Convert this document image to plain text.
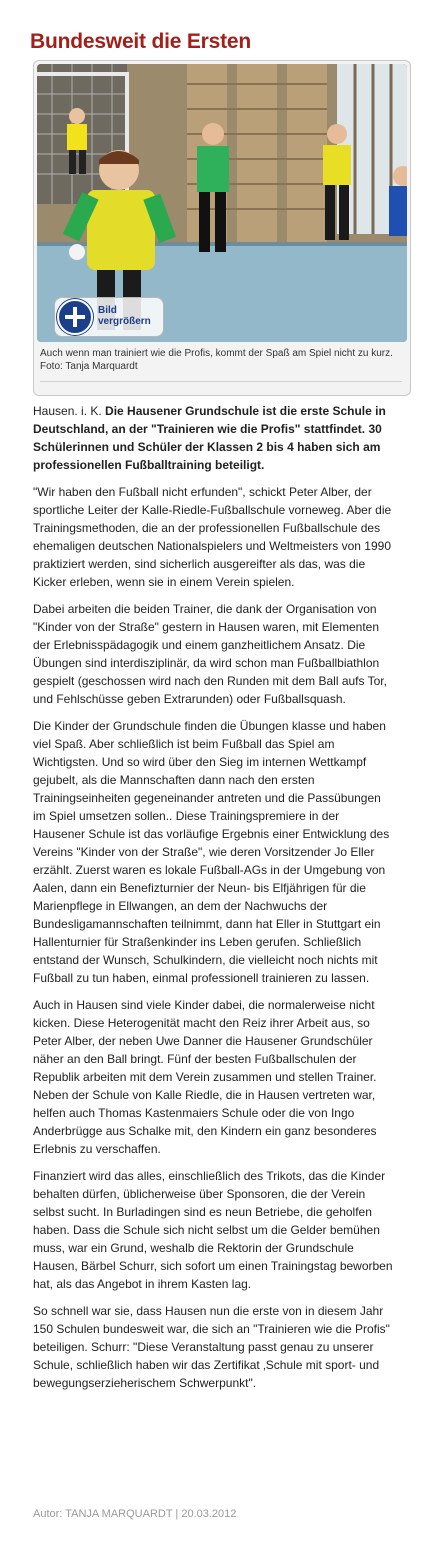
Bundesweit die Ersten
Bild
vergrößern
Auch wenn man trainiert wie die Profis, kommt der Spaß am Spiel nicht zu kurz. Foto: Tanja Marquardt

Hausen. i. K. Die Hausener Grundschule ist die erste Schule in Deutschland, an der "Trainieren wie die Profis" stattfindet. 30 Schülerinnen und Schüler der Klassen 2 bis 4 haben sich am professionellen Fußballtraining beteiligt.

"Wir haben den Fußball nicht erfunden", schickt Peter Alber, der sportliche Leiter der Kalle-Riedle-Fußballschule vorneweg. Aber die Trainingsmethoden, die an der professionellen Fußballschule des ehemaligen deutschen Nationalspielers und Weltmeisters von 1990 praktiziert werden, sind sicherlich ausgereifter als das, was die Kicker erleben, wenn sie in einem Verein spielen.

Dabei arbeiten die beiden Trainer, die dank der Organisation von "Kinder von der Straße" gestern in Hausen waren, mit Elementen der Erlebnisspädagogik und einem ganzheitlichem Ansatz. Die Übungen sind interdisziplinär, da wird schon man Fußballbiathlon gespielt (geschossen wird nach den Runden mit dem Ball aufs Tor, und Fehlschüsse geben Extrarunden) oder Fußballsquash.

Die Kinder der Grundschule finden die Übungen klasse und haben viel Spaß. Aber schließlich ist beim Fußball das Spiel am Wichtigsten. Und so wird über den Sieg im internen Wettkampf gejubelt, als die Mannschaften dann nach den ersten Trainingseinheiten gegeneinander antreten und die Passübungen im Spiel umsetzen sollen.. Diese Trainingspremiere in der Hausener Schule ist das vorläufige Ergebnis einer Entwicklung des Vereins "Kinder von der Straße", wie deren Vorsitzender Jo Eller erzählt. Zuerst waren es lokale Fußball-AGs in der Umgebung von Aalen, dann ein Benefizturnier der Neun- bis Elfjährigen für die Marienpflege in Ellwangen, an dem der Nachwuchs der Bundesligamannschaften teilnimmt, dann hat Eller in Stuttgart ein Hallenturnier für Straßenkinder ins Leben gerufen. Schließlich entstand der Wunsch, Schulkindern, die vielleicht noch nichts mit Fußball zu tun haben, einmal professionell trainieren zu lassen.

Auch in Hausen sind viele Kinder dabei, die normalerweise nicht kicken. Diese Heterogenität macht den Reiz ihrer Arbeit aus, so Peter Alber, der neben Uwe Danner die Hausener Grundschüler näher an den Ball bringt. Fünf der besten Fußballschulen der Republik arbeiten mit dem Verein zusammen und stellen Trainer. Neben der Schule von Kalle Riedle, die in Hausen vertreten war, helfen auch Thomas Kastenmaiers Schule oder die von Ingo Anderbrügge aus Schalke mit, den Kindern ein ganz besonderes Erlebnis zu verschaffen.

Finanziert wird das alles, einschließlich des Trikots, das die Kinder behalten dürfen, üblicherweise über Sponsoren, die der Verein selbst sucht. In Burladingen sind es neun Betriebe, die geholfen haben. Dass die Schule sich nicht selbst um die Gelder bemühen muss, war ein Grund, weshalb die Rektorin der Grundschule Hausen, Bärbel Schurr, sich sofort um einen Trainingstag beworben hat, als das Angebot in ihrem Kasten lag.

So schnell war sie, dass Hausen nun die erste von in diesem Jahr 150 Schulen bundesweit war, die sich an "Trainieren wie die Profis" beteiligen. Schurr: "Diese Veranstaltung passt genau zu unserer Schule, schließlich haben wir das Zertifikat ‚Schule mit sport- und bewegungserzieherischem Schwerpunkt".

Autor: TANJA MARQUARDT | 20.03.2012
